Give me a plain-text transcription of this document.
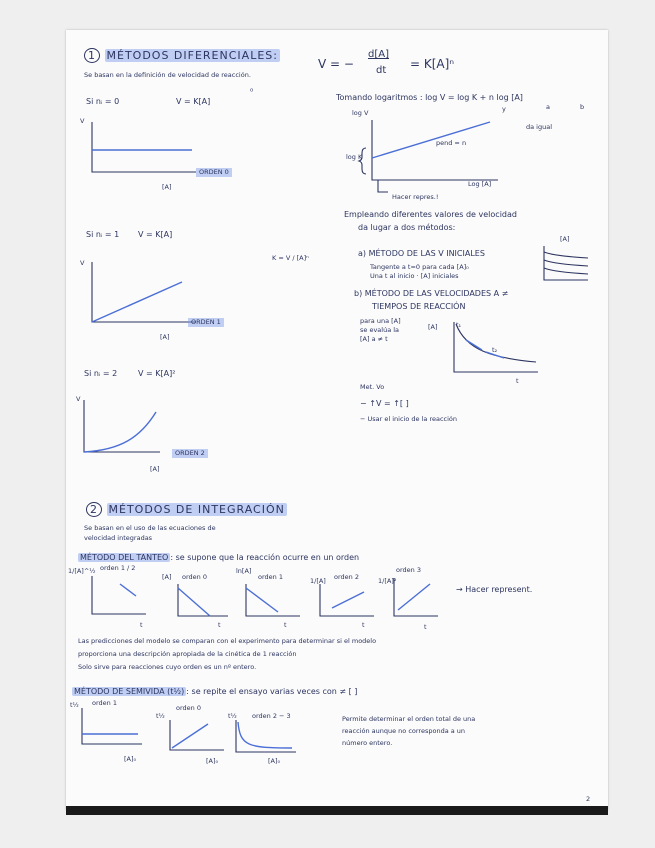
1 MÉTODOS DIFERENCIALES:
Se basan en la definición de velocidad de reacción.
V = −
d[A]
dt = K[A]ⁿ
Si nᵢ = 0	V = K[A]
⁰
V
ORDEN 0
[A]
Si nᵢ = 1 V = K[A]
K = V / [A]ⁿ
V
ORDEN 1
[A]
Si nᵢ = 2	V = K[A]²
V
ORDEN 2
[A]
Tomando logaritmos : log V = log K + n log [A]
y	a	b
da igual
log V
pend = n
log K
Log [A]
Hacer repres.!
Empleando diferentes valores de velocidad
da lugar a dos métodos:
a) MÉTODO DE LAS V INICIALES
[A]
Tangente a t=0 para cada [A]₀
Una t al inicio · [A] iniciales
b) MÉTODO DE LAS VELOCIDADES A ≠
TIEMPOS DE REACCIÓN
para una [A]
se evalúa la
[A] a ≠ t
[A]	t₁
t₂
t
Met. Vo
− ↑V = ↑[ ]
− Usar el inicio de la reacción
2 MÉTODOS DE INTEGRACIÓN
Se basan en el uso de las ecuaciones de
velocidad integradas
MÉTODO DEL TANTEO : se supone que la reacción ocurre en un orden
1/[A]^½ orden 1 / 2
t
[A] orden 0
t
ln[A]
orden 1
t
1/[A] orden 2
t
1/[A]²
orden 3
t
→ Hacer represent.
Las predicciones del modelo se comparan con el experimento para determinar si el modelo
proporciona una descripción apropiada de la cinética de 1 reacción
Solo sirve para reacciones cuyo orden es un nº entero.
MÉTODO DE SEMIVIDA (t½) : se repite el ensayo varias veces con ≠ [ ]
t½ orden 1
[A]₀
t½
orden 0
[A]₀
t½ orden 2 − 3
[A]₀
Permite determinar el orden total de una
reacción aunque no corresponda a un
número entero.
2
